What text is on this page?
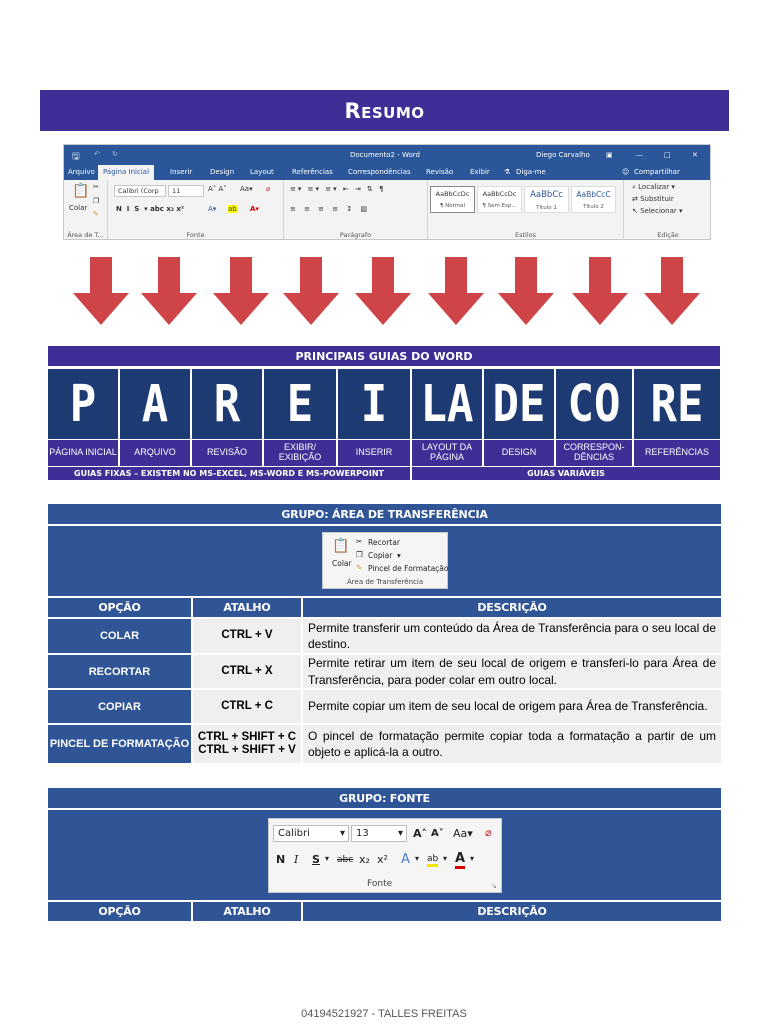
R esumo
🖫 ↶ ↻	Documento2 - Word	Diego Carvalho ▣	—	□	✕
Arquivo	Página Inicial	Inserir	Design Layout	Referências Correspondências Revisão Exibir ⚗ Diga-me	☺ Compartilhar
📋
Colar
✂
❐
✎
Área de T...
Calibri (Corp	11	A˄ A˅ Aa▾ ⌀
N  I  S  ▾ abc x₂ x²	A▾ ab A▾
Fonte
≡▾ ≡▾ ≡▾ ⇤ ⇥ ⇅ ¶
≡ ≡ ≡ ≡ ↕ ▧
Parágrafo
AaBbCcDc
¶ Normal
AaBbCcDc
¶ Sem Esp...
AaBbCc
Título 1
AaBbCcC
Título 2
Estilos
⌕ Localizar ▾
⇄ Substituir
↖ Selecionar ▾
Edição
PRINCIPAIS GUIAS DO WORD
P A R E I LA DE CO RE
PÁGINA INICIAL	ARQUIVO	REVISÃO	EXIBIR/ EXIBIÇÃO	INSERIR	LAYOUT DA PÁGINA	DESIGN	CORRESPON-DÊNCIAS	REFERÊNCIAS
GUIAS FIXAS – EXISTEM NO MS-EXCEL, MS-WORD E MS-POWERPOINT	GUIAS VARIÁVEIS
GRUPO: ÁREA DE TRANSFERÊNCIA
📋
Colar
✂ Recortar
❐ Copiar ▾
✎ Pincel de Formatação
Área de Transferência
OPÇÃO	ATALHO	DESCRIÇÃO
COLAR	CTRL + V
Permite transferir um conteúdo da Área de Transferência para o seu local de destino.
RECORTAR	CTRL + X
Permite retirar um item de seu local de origem e transferi-lo para Área de Transferência, para poder colar em outro local.
COPIAR	CTRL + C	Permite copiar um item de seu local de origem para Área de Transferência.
PINCEL DE FORMATAÇÃO
CTRL + SHIFT + C
CTRL + SHIFT + V
O pincel de formatação permite copiar toda a formatação a partir de um objeto e aplicá-la a outro.
GRUPO: FONTE
Calibri	▾	13	▾ A˄ A˅ Aa▾ ⌀
N I S ▾ abc x₂ x² A ▾ ab ▾ A ▾
Fonte	↘
OPÇÃO	ATALHO	DESCRIÇÃO
04194521927 - TALLES FREITAS
